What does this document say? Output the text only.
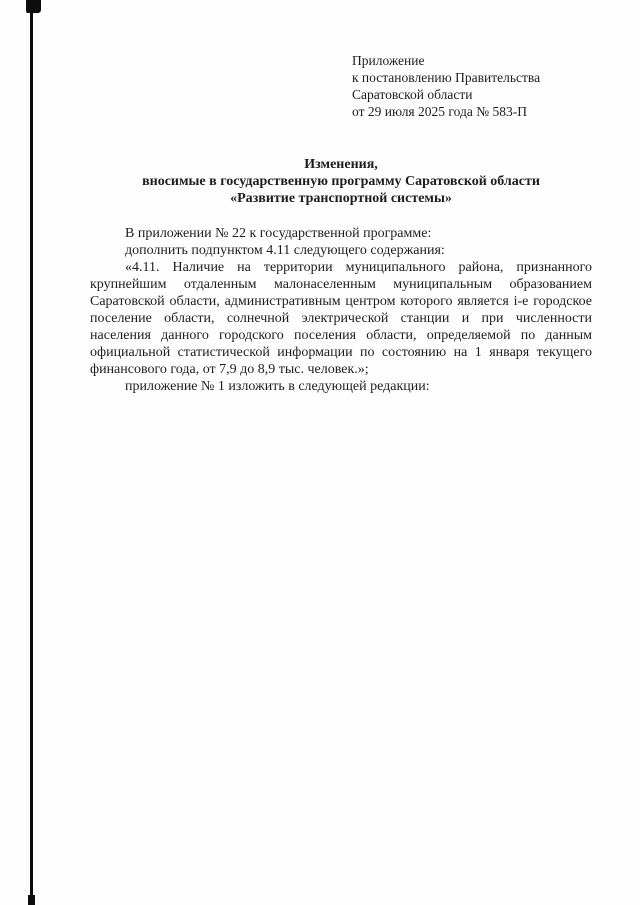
Приложение
к постановлению Правительства
Саратовской области
от 29 июля 2025 года № 583-П
Изменения,
вносимые в государственную программу Саратовской области
«Развитие транспортной системы»

В приложении № 22 к государственной программе:

дополнить подпунктом 4.11 следующего содержания:

«4.11. Наличие на территории муниципального района, признанного крупнейшим отдаленным малонаселенным муниципальным образованием Саратовской области, административным центром которого является i-е городское поселение области, солнечной электрической станции и при численности населения данного городского поселения области, определяемой по данным официальной статистической информации по состоянию на 1 января текущего финансового года, от 7,9 до 8,9 тыс. человек.»;

приложение № 1 изложить в следующей редакции:
